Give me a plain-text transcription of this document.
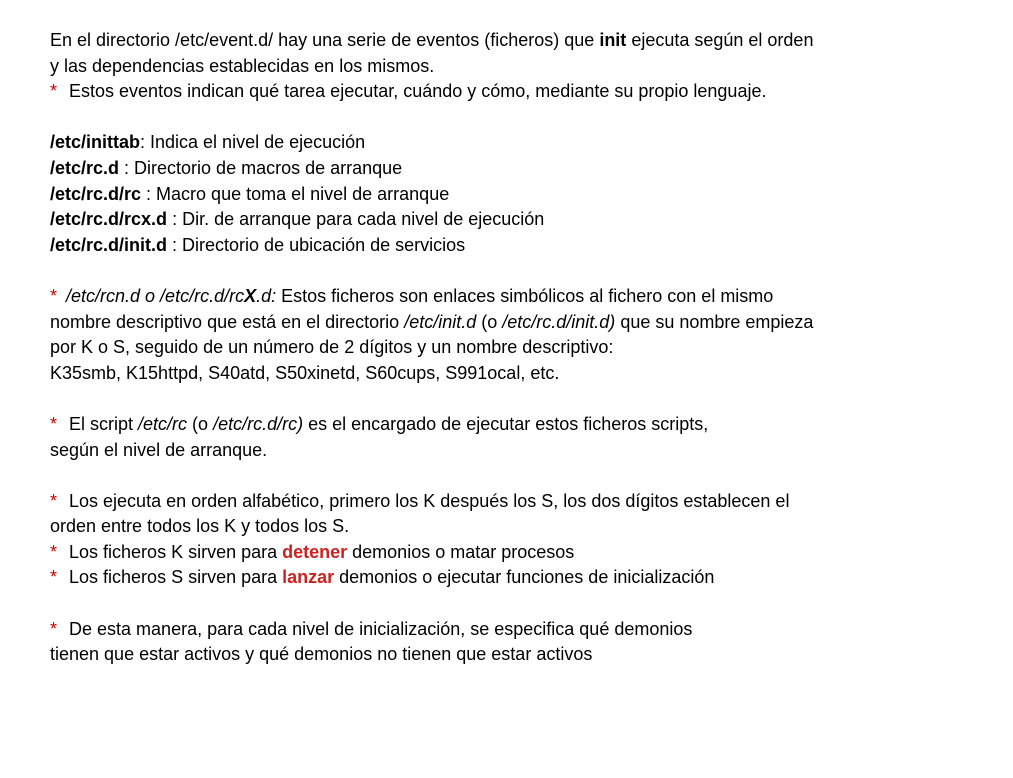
En el directorio /etc/event.d/ hay una serie de eventos (ficheros) que init ejecuta según el orden
y las dependencias establecidas en los mismos.
* Estos eventos indican qué tarea ejecutar, cuándo y cómo, mediante su propio lenguaje.
/etc/inittab: Indica el nivel de ejecución
/etc/rc.d : Directorio de macros de arranque
/etc/rc.d/rc : Macro que toma el nivel de arranque
/etc/rc.d/rcx.d : Dir. de arranque para cada nivel de ejecución
/etc/rc.d/init.d : Directorio de ubicación de servicios
* /etc/rcn.d o /etc/rc.d/rcX.d: Estos ficheros son enlaces simbólicos al fichero con el mismo
nombre descriptivo que está en el directorio /etc/init.d (o /etc/rc.d/init.d) que su nombre empieza
por K o S, seguido de un número de 2 dígitos y un nombre descriptivo:
K35smb, K15httpd, S40atd, S50xinetd, S60cups, S991ocal, etc.
* El script /etc/rc (o /etc/rc.d/rc) es el encargado de ejecutar estos ficheros scripts,
según el nivel de arranque.
* Los ejecuta en orden alfabético, primero los K después los S, los dos dígitos establecen el
orden entre todos los K y todos los S.
* Los ficheros K sirven para detener demonios o matar procesos
* Los ficheros S sirven para lanzar demonios o ejecutar funciones de inicialización
* De esta manera, para cada nivel de inicialización, se especifica qué demonios
tienen que estar activos y qué demonios no tienen que estar activos
